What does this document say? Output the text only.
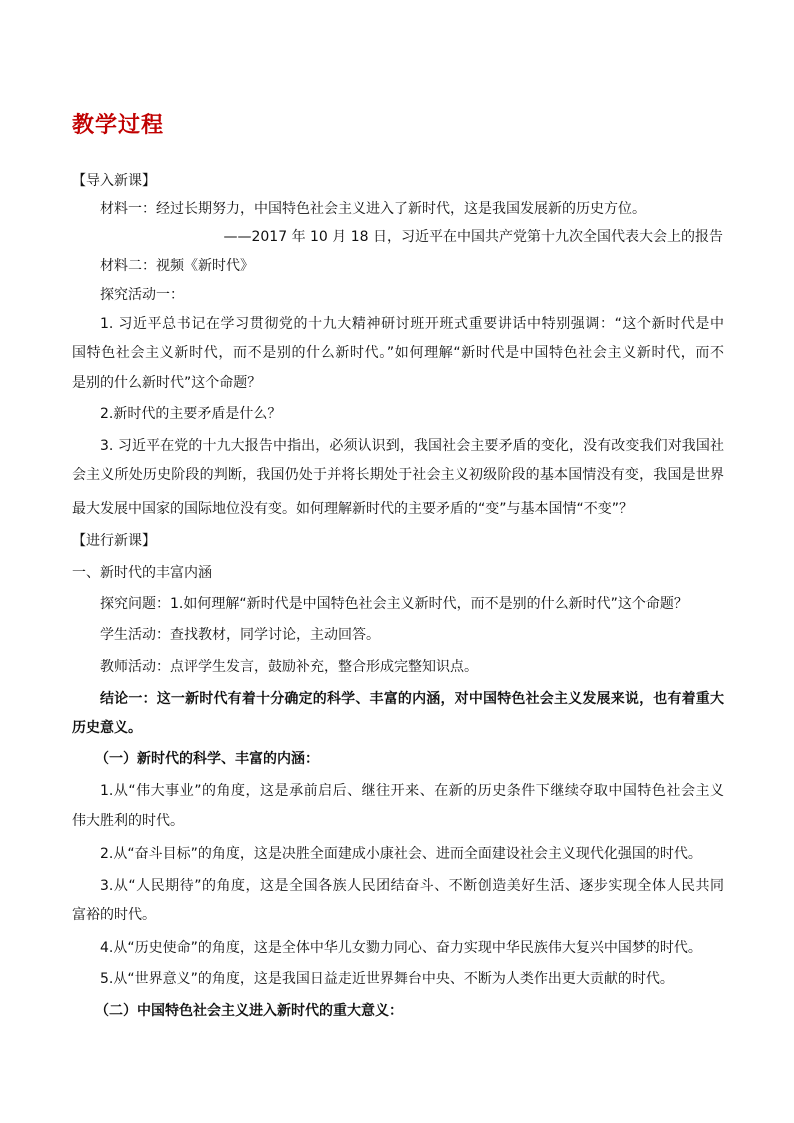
教学过程
【导入新课】
材料一：经过长期努力，中国特色社会主义进入了新时代，这是我国发展新的历史方位。
——2017 年 10 月 18 日，习近平在中国共产党第十九次全国代表大会上的报告
材料二：视频《新时代》
探究活动一：
1. 习近平总书记在学习贯彻党的十九大精神研讨班开班式重要讲话中特别强调：“这个新时代是中
国特色社会主义新时代，而不是别的什么新时代。”如何理解“新时代是中国特色社会主义新时代，而不
是别的什么新时代”这个命题？
2.新时代的主要矛盾是什么？
3. 习近平在党的十九大报告中指出，必须认识到，我国社会主要矛盾的变化，没有改变我们对我国社
会主义所处历史阶段的判断，我国仍处于并将长期处于社会主义初级阶段的基本国情没有变，我国是世界
最大发展中国家的国际地位没有变。如何理解新时代的主要矛盾的“变”与基本国情“不变”？
【进行新课】
一、新时代的丰富内涵
探究问题：1.如何理解“新时代是中国特色社会主义新时代，而不是别的什么新时代”这个命题？
学生活动：查找教材，同学讨论，主动回答。
教师活动：点评学生发言，鼓励补充，整合形成完整知识点。
结论一：这一新时代有着十分确定的科学、丰富的内涵，对中国特色社会主义发展来说，也有着重大
历史意义。
（一）新时代的科学、丰富的内涵：
1.从“伟大事业”的角度，这是承前启后、继往开来、在新的历史条件下继续夺取中国特色社会主义
伟大胜利的时代。
2.从“奋斗目标”的角度，这是决胜全面建成小康社会、进而全面建设社会主义现代化强国的时代。
3.从“人民期待”的角度，这是全国各族人民团结奋斗、不断创造美好生活、逐步实现全体人民共同
富裕的时代。
4.从“历史使命”的角度，这是全体中华儿女勠力同心、奋力实现中华民族伟大复兴中国梦的时代。
5.从“世界意义”的角度，这是我国日益走近世界舞台中央、不断为人类作出更大贡献的时代。
（二）中国特色社会主义进入新时代的重大意义：
